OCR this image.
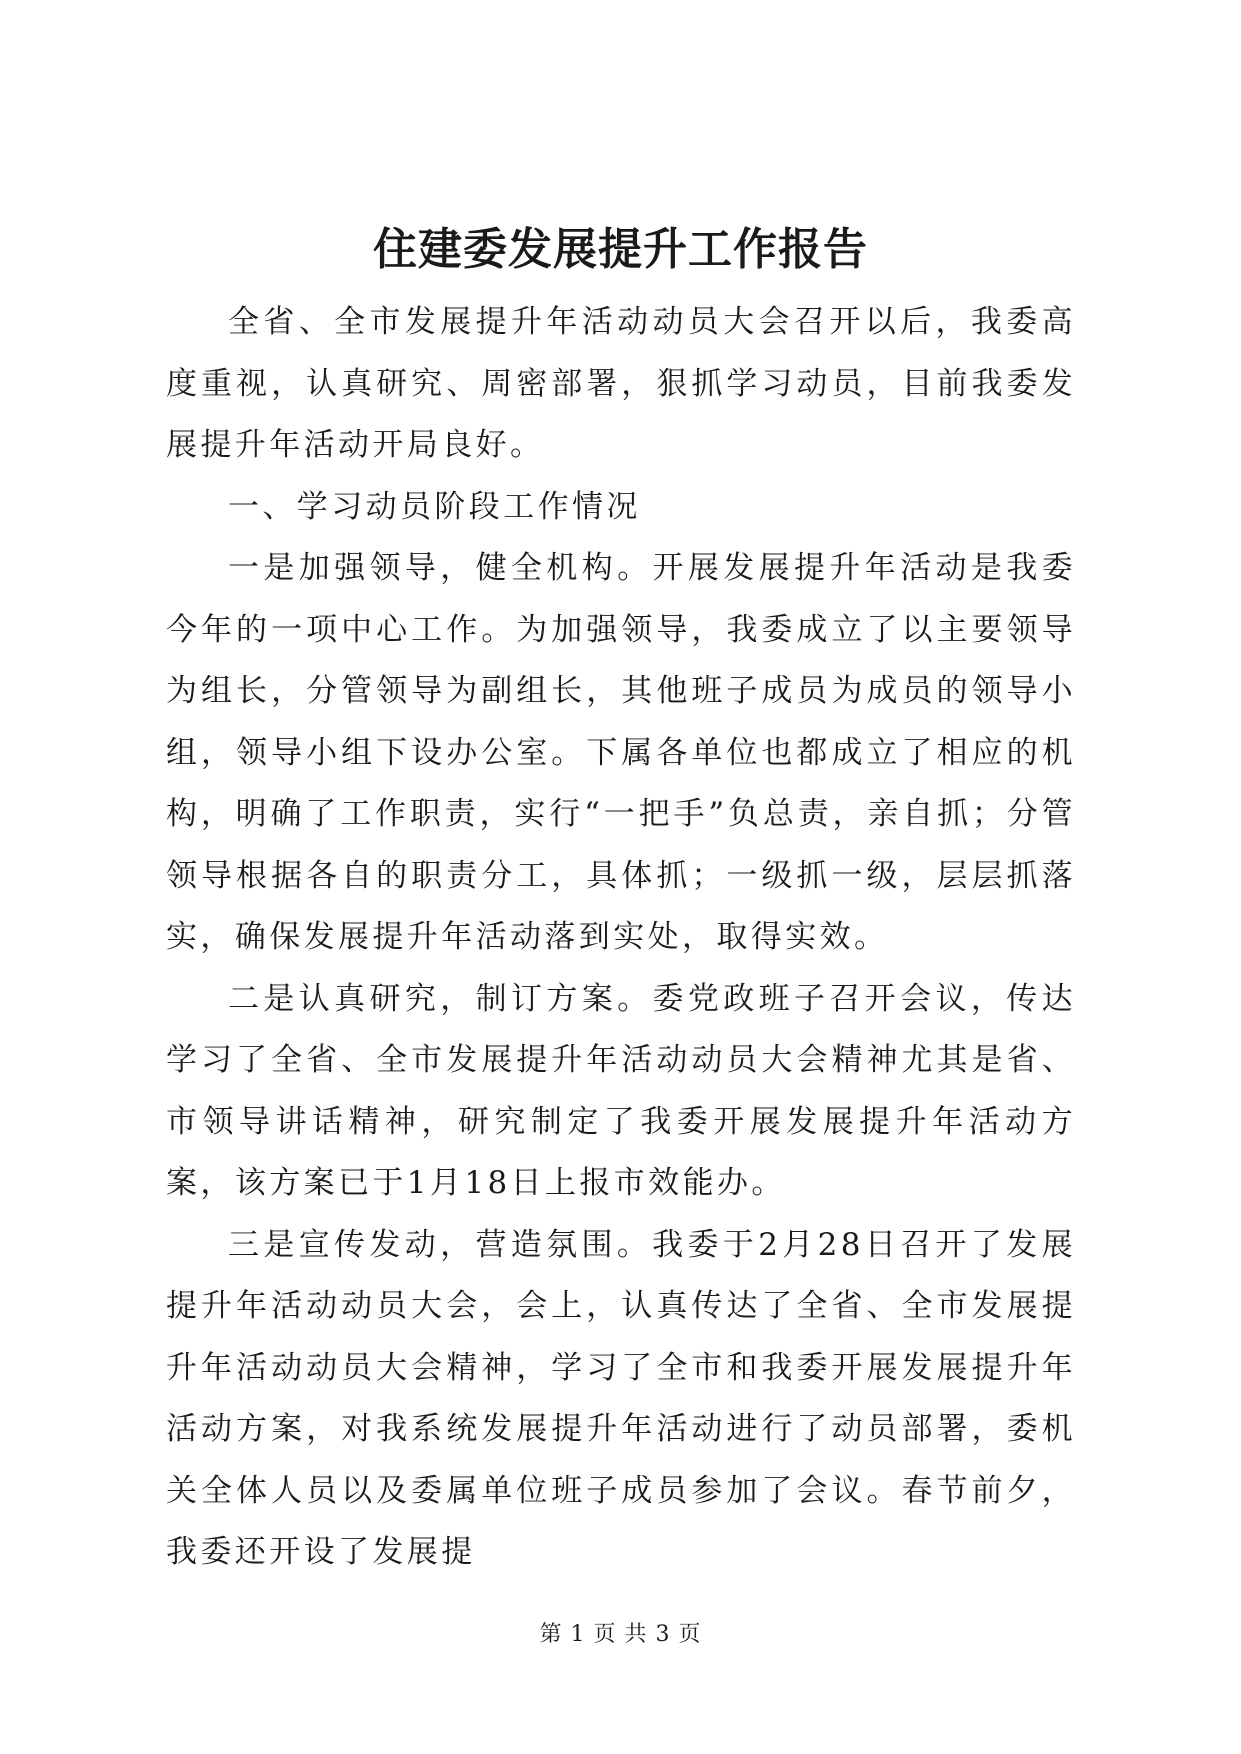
住建委发展提升工作报告

全省、全市发展提升年活动动员大会召开以后，我委高度重视，认真研究、周密部署，狠抓学习动员，目前我委发展提升年活动开局良好。

一、学习动员阶段工作情况

一是加强领导，健全机构。开展发展提升年活动是我委今年的一项中心工作。为加强领导，我委成立了以主要领导为组长，分管领导为副组长，其他班子成员为成员的领导小组，领导小组下设办公室。下属各单位也都成立了相应的机构，明确了工作职责，实行“一把手”负总责，亲自抓；分管领导根据各自的职责分工，具体抓；一级抓一级，层层抓落实，确保发展提升年活动落到实处，取得实效。

二是认真研究，制订方案。委党政班子召开会议，传达学习了全省、全市发展提升年活动动员大会精神尤其是省、市领导讲话精神，研究制定了我委开展发展提升年活动方案，该方案已于1月18日上报市效能办。

三是宣传发动，营造氛围。我委于2月28日召开了发展提升年活动动员大会，会上，认真传达了全省、全市发展提升年活动动员大会精神，学习了全市和我委开展发展提升年活动方案，对我系统发展提升年活动进行了动员部署，委机关全体人员以及委属单位班子成员参加了会议。春节前夕，我委还开设了发展提

第 1 页 共 3 页
